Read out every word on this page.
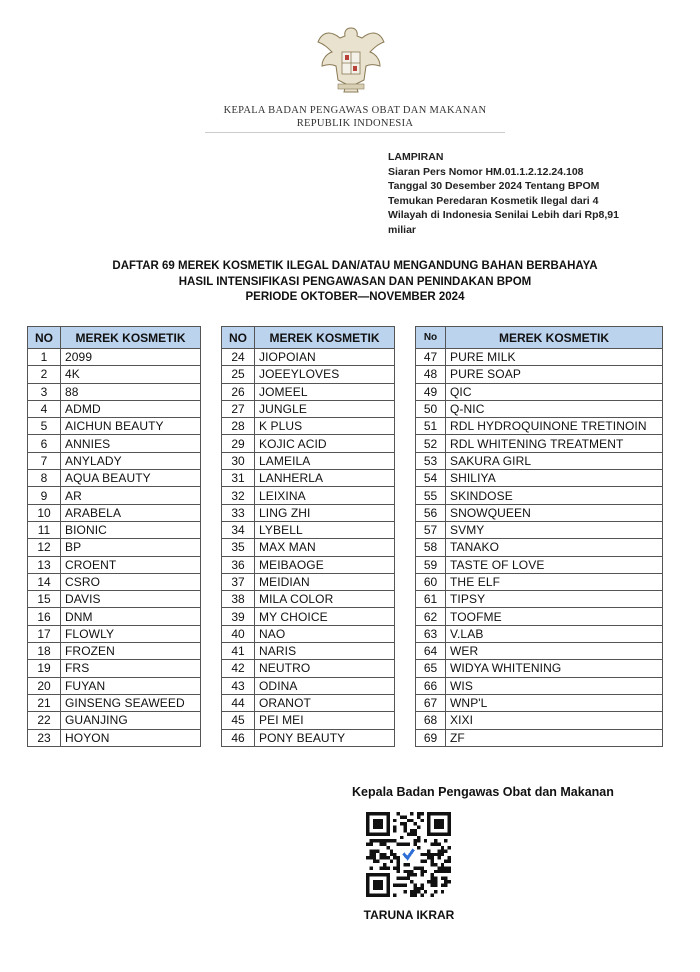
KEPALA BADAN PENGAWAS OBAT DAN MAKANAN
REPUBLIK INDONESIA
LAMPIRAN
Siaran Pers Nomor HM.01.1.2.12.24.108
Tanggal 30 Desember 2024 Tentang BPOM
Temukan Peredaran Kosmetik Ilegal dari 4
Wilayah di Indonesia Senilai Lebih dari Rp8,91
miliar
DAFTAR 69 MEREK KOSMETIK ILEGAL DAN/ATAU MENGANDUNG BAHAN BERBAHAYA
HASIL INTENSIFIKASI PENGAWASAN DAN PENINDAKAN BPOM
PERIODE OKTOBER—NOVEMBER 2024
NO	MEREK KOSMETIK
1	2099
2	4K
3	88
4	ADMD
5	AICHUN BEAUTY
6	ANNIES
7	ANYLADY
8	AQUA BEAUTY
9	AR
10	ARABELA
11	BIONIC
12	BP
13	CROENT
14	CSRO
15	DAVIS
16	DNM
17	FLOWLY
18	FROZEN
19	FRS
20	FUYAN
21	GINSENG SEAWEED
22	GUANJING
23	HOYON
NO	MEREK KOSMETIK
24	JIOPOIAN
25	JOEEYLOVES
26	JOMEEL
27	JUNGLE
28	K PLUS
29	KOJIC ACID
30	LAMEILA
31	LANHERLA
32	LEIXINA
33	LING ZHI
34	LYBELL
35	MAX MAN
36	MEIBAOGE
37	MEIDIAN
38	MILA COLOR
39	MY CHOICE
40	NAO
41	NARIS
42	NEUTRO
43	ODINA
44	ORANOT
45	PEI MEI
46	PONY BEAUTY
N​o	MEREK KOSMETIK
47	PURE MILK
48	PURE SOAP
49	QIC
50	Q-NIC
51	RDL HYDROQUINONE TRETINOIN
52	RDL WHITENING TREATMENT
53	SAKURA GIRL
54	SHILIYA
55	SKINDOSE
56	SNOWQUEEN
57	SVMY
58	TANAKO
59	TASTE OF LOVE
60	THE ELF
61	TIPSY
62	TOOFME
63	V.LAB
64	WER
65	WIDYA WHITENING
66	WIS
67	WNP'L
68	XIXI
69	ZF
Kepala Badan Pengawas Obat dan Makanan
TARUNA IKRAR
